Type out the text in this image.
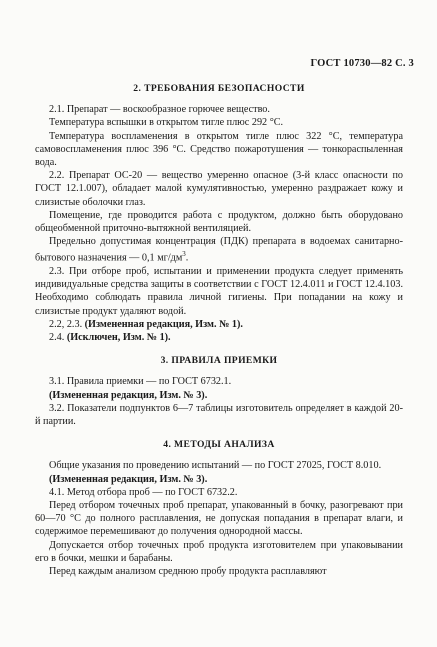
ГОСТ 10730—82 С. 3
2. ТРЕБОВАНИЯ БЕЗОПАСНОСТИ

2.1. Препарат — воскообразное горючее вещество.

Температура вспышки в открытом тигле плюс 292 °С.

Температура воспламенения в открытом тигле плюс 322 °С, температура самовоспламенения плюс 396 °С. Средство пожаротушения — тонкораспыленная вода.

2.2. Препарат ОС-20 — вещество умеренно опасное (3-й класс опасности по ГОСТ 12.1.007), обладает малой кумулятивностью, умеренно раздражает кожу и слизистые оболочки глаз.

Помещение, где проводится работа с продуктом, должно быть оборудовано общеобменной приточно-вытяжной вентиляцией.

Предельно допустимая концентрация (ПДК) препарата в водоемах санитарно-бытового назначения — 0,1 $мг/дм^3$.

2.3. При отборе проб, испытании и применении продукта следует применять индивидуальные средства защиты в соответствии с ГОСТ 12.4.011 и ГОСТ 12.4.103. Необходимо соблюдать правила личной гигиены. При попадании на кожу и слизистые продукт удаляют водой.

2.2, 2.3. (Измененная редакция, Изм. № 1).

2.4. (Исключен, Изм. № 1).

3. ПРАВИЛА ПРИЕМКИ

3.1. Правила приемки — по ГОСТ 6732.1.

(Измененная редакция, Изм. № 3).

3.2. Показатели подпунктов 6—7 таблицы изготовитель определяет в каждой 20-й партии.

4. МЕТОДЫ АНАЛИЗА

Общие указания по проведению испытаний — по ГОСТ 27025, ГОСТ 8.010.

(Измененная редакция, Изм. № 3).

4.1. Метод отбора проб — по ГОСТ 6732.2.

Перед отбором точечных проб препарат, упакованный в бочку, разогревают при 60—70 °С до полного расплавления, не допуская попадания в препарат влаги, и содержимое перемешивают до получения однородной массы.

Допускается отбор точечных проб продукта изготовителем при упаковывании его в бочки, мешки и барабаны.

Перед каждым анализом среднюю пробу продукта расплавляют
